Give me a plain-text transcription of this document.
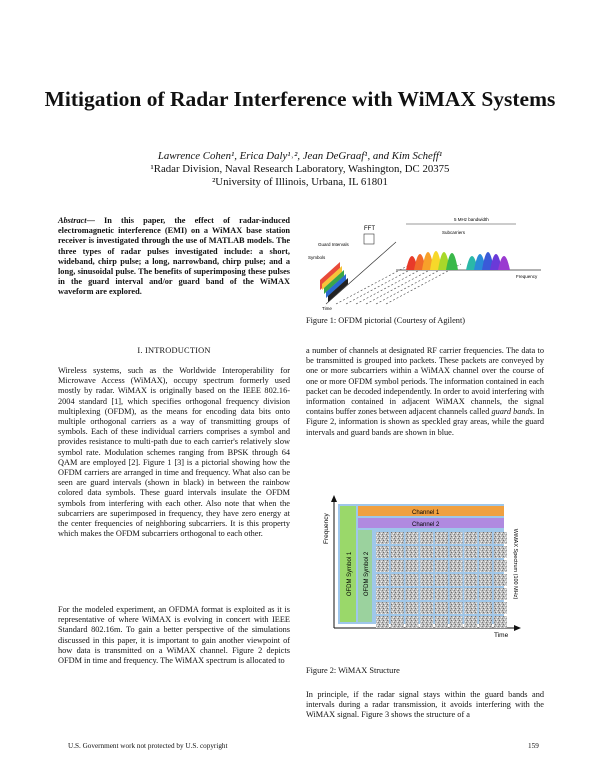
Mitigation of Radar Interference with WiMAX Systems
Lawrence Cohen¹, Erica Daly¹˒², Jean DeGraaf¹, and Kim Scheff¹
¹Radar Division, Naval Research Laboratory, Washington, DC 20375
²University of Illinois, Urbana, IL 61801
Abstract— In this paper, the effect of radar-induced electromagnetic interference (EMI) on a WiMAX base station receiver is investigated through the use of MATLAB models. The three types of radar pulses investigated include: a short, wideband, chirp pulse; a long, narrowband, chirp pulse; and a long, sinusoidal pulse. The benefits of superimposing these pulses in the guard interval and/or guard band of the WiMAX waveform are explored.
I. INTRODUCTION

Wireless systems, such as the Worldwide Interoperability for Microwave Access (WiMAX), occupy spectrum formerly used mostly by radar. WiMAX is originally based on the IEEE 802.16-2004 standard [1], which specifies orthogonal frequency division multiplexing (OFDM), as the means for encoding data bits onto multiple orthogonal carriers as a way of transmitting groups of symbols. Each of these individual carriers comprises a symbol and provides resistance to multi-path due to each carrier's relatively slow symbol rate. Modulation schemes ranging from BPSK through 64 QAM are employed [2]. Figure 1 [3] is a pictorial showing how the OFDM carriers are arranged in time and frequency. What also can be seen are guard intervals (shown in black) in between the rainbow colored data symbols. These guard intervals insulate the OFDM symbols from interfering with each other. Also note that when the subcarriers are superimposed in frequency, they have zero energy at the center frequencies of neighboring subcarriers. It is this property which makes the OFDM subcarriers orthogonal to each other.

For the modeled experiment, an OFDMA format is exploited as it is representative of where WiMAX is evolving in concert with IEEE Standard 802.16m. To gain a better perspective of the simulations discussed in this paper, it is important to gain another viewpoint of how data is transmitted on a WiMAX channel. Figure 2 depicts OFDM in time and frequency. The WiMAX spectrum is allocated to

FFT
5 MHz bandwidth
Subcarriers
Guard Intervals
Symbols
Frequency
Time
Figure 1: OFDM pictorial (Courtesy of Agilent)

a number of channels at designated RF carrier frequencies. The data to be transmitted is grouped into packets. These packets are conveyed by one or more subcarriers within a WiMAX channel over the course of one or more OFDM symbol periods. The information contained in each packet can be decoded independently. In order to avoid interfering with information contained in adjacent WiMAX channels, the signal contains buffer zones between adjacent channels called guard bands. In Figure 2, information is shown as speckled gray areas, while the guard intervals and guard bands are shown in blue.

Frequency
Time
Channel 1
Channel 2
OFDM Symbol 1 OFDM Symbol 2	WiMAX Spectrum (100 MHz)
Figure 2: WiMAX Structure

In principle, if the radar signal stays within the guard bands and intervals during a radar transmission, it avoids interfering with the WiMAX signal. Figure 3 shows the structure of a

U.S. Government work not protected by U.S. copyright	159
